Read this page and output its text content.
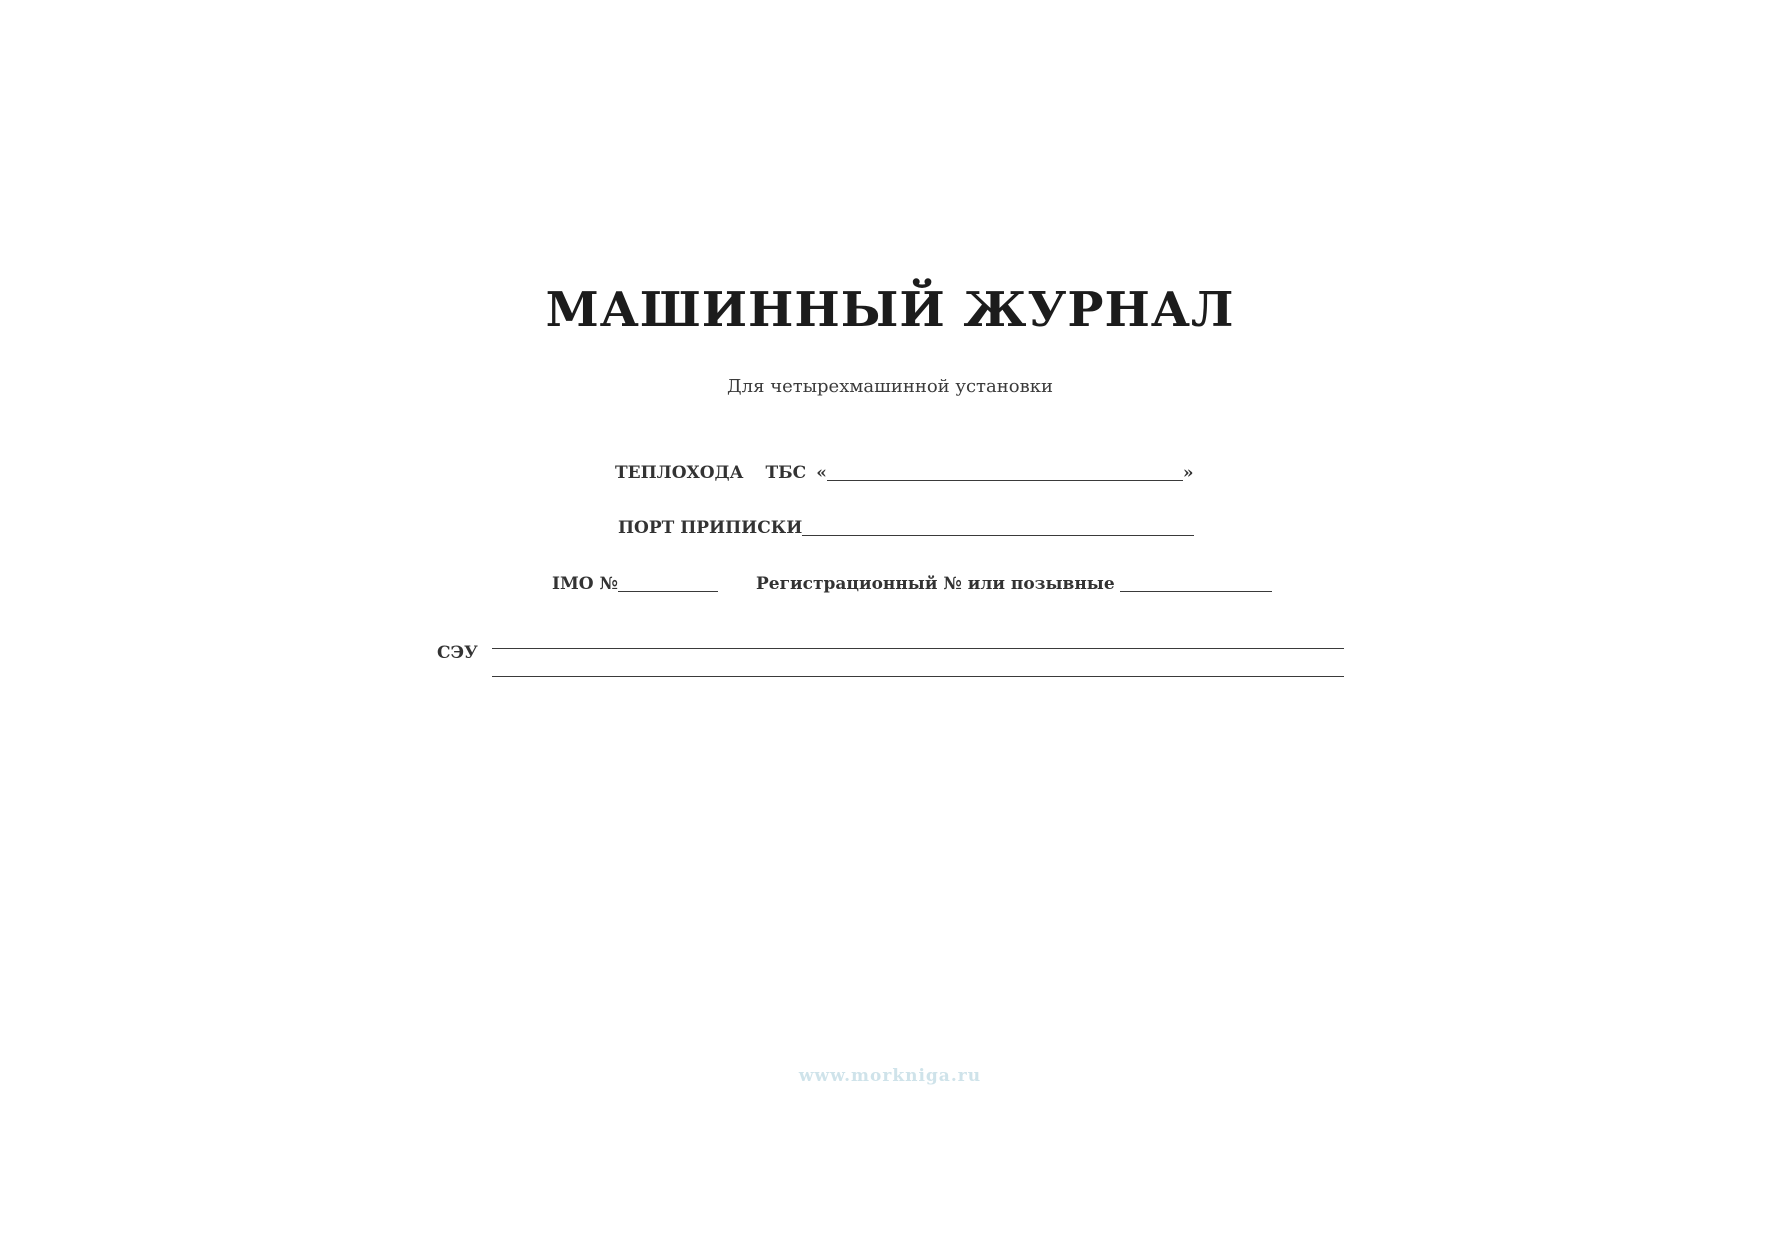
МАШИННЫЙ ЖУРНАЛ
Для четырехмашинной установки
ТЕПЛОХОДА ТБС «	»
ПОРТ ПРИПИСКИ
IMO №	Регистрационный № или позывные
СЭУ
www.morkniga.ru
